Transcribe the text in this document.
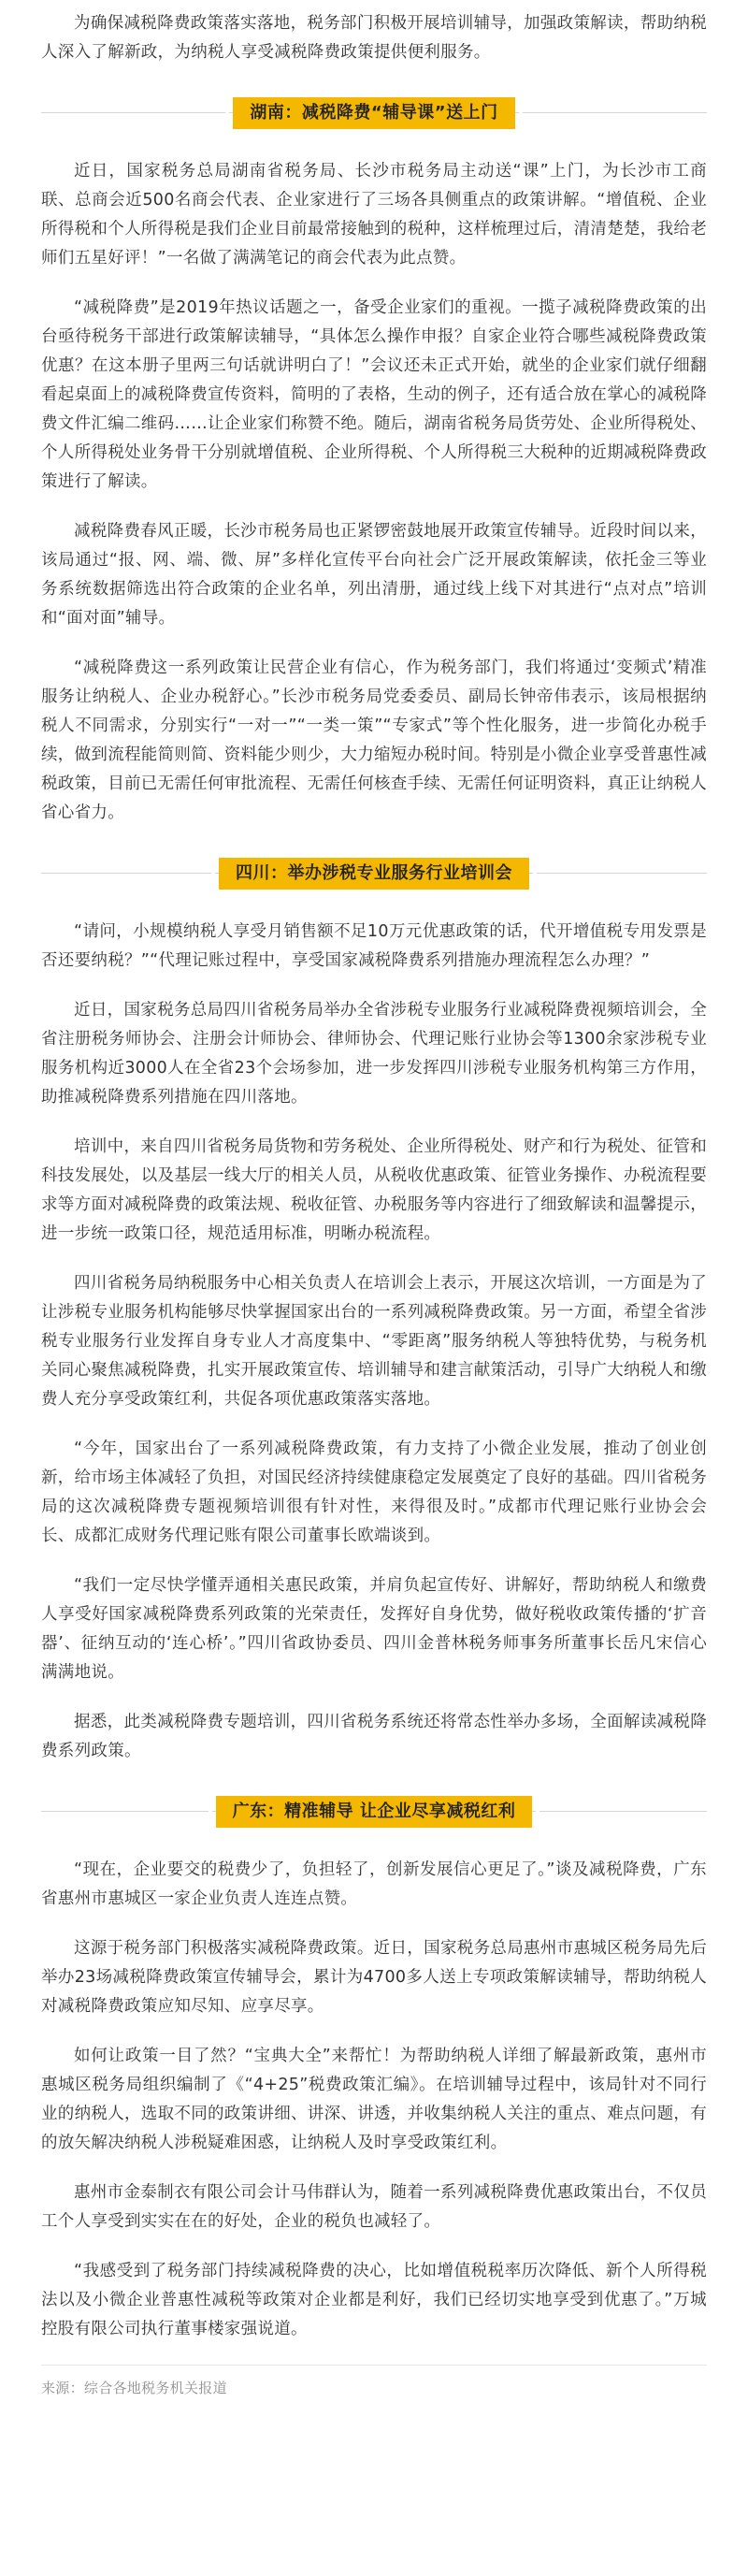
为确保减税降费政策落实落地，税务部门积极开展培训辅导，加强政策解读，帮助纳税人深入了解新政，为纳税人享受减税降费政策提供便利服务。

湖南：减税降费“辅导课”送上门

近日，国家税务总局湖南省税务局、长沙市税务局主动送“课”上门，为长沙市工商联、总商会近500名商会代表、企业家进行了三场各具侧重点的政策讲解。“增值税、企业所得税和个人所得税是我们企业目前最常接触到的税种，这样梳理过后，清清楚楚，我给老师们五星好评！”一名做了满满笔记的商会代表为此点赞。

“减税降费”是2019年热议话题之一，备受企业家们的重视。一揽子减税降费政策的出台亟待税务干部进行政策解读辅导，“具体怎么操作申报？自家企业符合哪些减税降费政策优惠？在这本册子里两三句话就讲明白了！”会议还未正式开始，就坐的企业家们就仔细翻看起桌面上的减税降费宣传资料，简明的了表格，生动的例子，还有适合放在掌心的减税降费文件汇编二维码……让企业家们称赞不绝。随后，湖南省税务局货劳处、企业所得税处、个人所得税处业务骨干分别就增值税、企业所得税、个人所得税三大税种的近期减税降费政策进行了解读。

减税降费春风正暖，长沙市税务局也正紧锣密鼓地展开政策宣传辅导。近段时间以来，该局通过“报、网、端、微、屏”多样化宣传平台向社会广泛开展政策解读，依托金三等业务系统数据筛选出符合政策的企业名单，列出清册，通过线上线下对其进行“点对点”培训和“面对面”辅导。

“减税降费这一系列政策让民营企业有信心，作为税务部门，我们将通过‘变频式’精准服务让纳税人、企业办税舒心。”长沙市税务局党委委员、副局长钟帝伟表示，该局根据纳税人不同需求，分别实行“一对一”“一类一策”“专家式”等个性化服务，进一步简化办税手续，做到流程能简则简、资料能少则少，大力缩短办税时间。特别是小微企业享受普惠性减税政策，目前已无需任何审批流程、无需任何核查手续、无需任何证明资料，真正让纳税人省心省力。

四川：举办涉税专业服务行业培训会

“请问，小规模纳税人享受月销售额不足10万元优惠政策的话，代开增值税专用发票是否还要纳税？”“代理记账过程中，享受国家减税降费系列措施办理流程怎么办理？”

近日，国家税务总局四川省税务局举办全省涉税专业服务行业减税降费视频培训会，全省注册税务师协会、注册会计师协会、律师协会、代理记账行业协会等1300余家涉税专业服务机构近3000人在全省23个会场参加，进一步发挥四川涉税专业服务机构第三方作用，助推减税降费系列措施在四川落地。

培训中，来自四川省税务局货物和劳务税处、企业所得税处、财产和行为税处、征管和科技发展处，以及基层一线大厅的相关人员，从税收优惠政策、征管业务操作、办税流程要求等方面对减税降费的政策法规、税收征管、办税服务等内容进行了细致解读和温馨提示，进一步统一政策口径，规范适用标准，明晰办税流程。

四川省税务局纳税服务中心相关负责人在培训会上表示，开展这次培训，一方面是为了让涉税专业服务机构能够尽快掌握国家出台的一系列减税降费政策。另一方面，希望全省涉税专业服务行业发挥自身专业人才高度集中、“零距离”服务纳税人等独特优势，与税务机关同心聚焦减税降费，扎实开展政策宣传、培训辅导和建言献策活动，引导广大纳税人和缴费人充分享受政策红利，共促各项优惠政策落实落地。

“今年，国家出台了一系列减税降费政策，有力支持了小微企业发展，推动了创业创新，给市场主体减轻了负担，对国民经济持续健康稳定发展奠定了良好的基础。四川省税务局的这次减税降费专题视频培训很有针对性，来得很及时。”成都市代理记账行业协会会长、成都汇成财务代理记账有限公司董事长欧端谈到。

“我们一定尽快学懂弄通相关惠民政策，并肩负起宣传好、讲解好，帮助纳税人和缴费人享受好国家减税降费系列政策的光荣责任，发挥好自身优势，做好税收政策传播的‘扩音器’、征纳互动的‘连心桥’。”四川省政协委员、四川金普林税务师事务所董事长岳凡宋信心满满地说。

据悉，此类减税降费专题培训，四川省税务系统还将常态性举办多场，全面解读减税降费系列政策。

广东：精准辅导 让企业尽享减税红利

“现在，企业要交的税费少了，负担轻了，创新发展信心更足了。”谈及减税降费，广东省惠州市惠城区一家企业负责人连连点赞。

这源于税务部门积极落实减税降费政策。近日，国家税务总局惠州市惠城区税务局先后举办23场减税降费政策宣传辅导会，累计为4700多人送上专项政策解读辅导，帮助纳税人对减税降费政策应知尽知、应享尽享。

如何让政策一目了然？“宝典大全”来帮忙！为帮助纳税人详细了解最新政策，惠州市惠城区税务局组织编制了《“4+25”税费政策汇编》。在培训辅导过程中，该局针对不同行业的纳税人，选取不同的政策讲细、讲深、讲透，并收集纳税人关注的重点、难点问题，有的放矢解决纳税人涉税疑难困惑，让纳税人及时享受政策红利。

惠州市金泰制衣有限公司会计马伟群认为，随着一系列减税降费优惠政策出台，不仅员工个人享受到实实在在的好处，企业的税负也减轻了。

“我感受到了税务部门持续减税降费的决心，比如增值税税率历次降低、新个人所得税法以及小微企业普惠性减税等政策对企业都是利好，我们已经切实地享受到优惠了。”万城控股有限公司执行董事楼家强说道。

来源：综合各地税务机关报道
